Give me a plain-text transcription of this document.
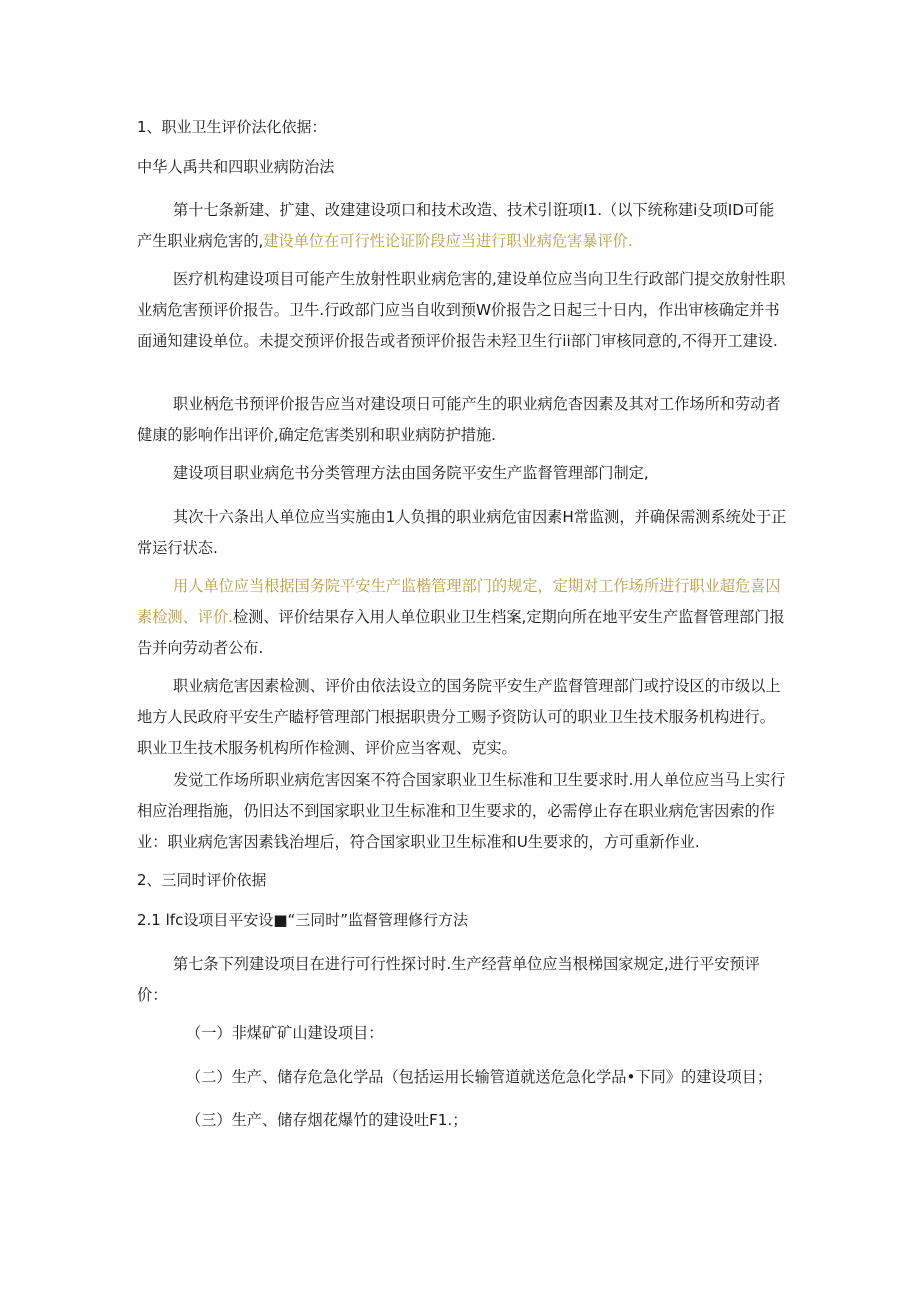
1、职业卫生评价法化依据：
中华人禹共和四职业病防治法
第十七条新建、扩建、改建建设项口和技术改造、技术引诳项I1.（以下统称建i殳项ID可能产生职业病危害的,建设单位在可行性论证阶段应当进行职业病危害暴评价.
医疗机构建设项目可能产生放射性职业病危害的,建设单位应当向卫生行政部门提交放射性职业病危害预评价报告。卫牛.行政部门应当自收到预W价报告之日起三十日内，作出审核确定并书面通知建设单位。未提交预评价报告或者预评价报告未羟卫生行ii部门审核同意的,不得开工建设.
职业柄危书预评价报告应当对建设项日可能产生的职业病危杳因素及其对工作场所和劳动者健康的影响作出评价,确定危害类别和职业病防护措施.
建设项目职业病危书分类管理方法由国务院平安生产监督管理部门制定,
其次十六条出人单位应当实施由1人负揖的职业病危宙因素H常监测，并确保需测系统处于正常运行状态.
用人单位应当根据国务院平安生产监楷管理部门的规定，定期对工作场所进行职业超危喜囚素检测、评价.检测、评价结果存入用人单位职业卫生档案,定期向所在地平安生产监督管理部门报告并向劳动者公布.
职业病危害因素检测、评价由依法设立的国务院平安生产监督管理部门或拧设区的市级以上地方人民政府平安生产瞌杼管理部门根据职贵分工赐予资防认可的职业卫生技术服务机构进行。职业卫生技术服务机构所作检测、评价应当客观、克实。
发觉工作场所职业病危害因案不符合国家职业卫生标准和卫生要求时.用人单位应当马上实行相应治理指施，仍旧达不到国家职业卫生标准和卫生要求的，必需停止存在职业病危害因索的作业：职业病危害因素钱治埋后，符合国家职业卫生标准和U生要求的，方可重新作业.
2、三同时评价依据
2.1 lfc设项目平安设■“三同时”监督管理修行方法
第七条下列建设项目在进行可行性探讨时.生产经营单位应当根梯国家规定,进行平安预评价：
（一）非煤矿矿山建设项目：
（二）生产、储存危急化学品（包括运用长输管道就送危急化学品•下同》的建设项目；
（三）生产、储存烟花爆竹的建设吐F1.；
